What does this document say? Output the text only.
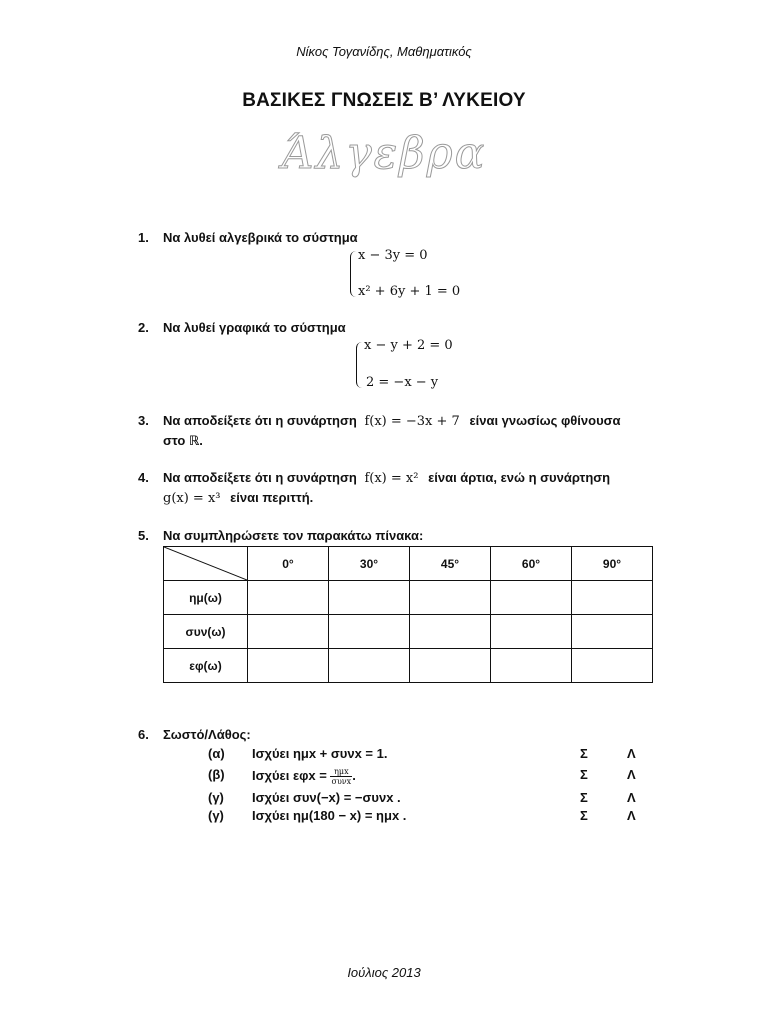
Νίκος Τογανίδης, Μαθηματικός
ΒΑΣΙΚΕΣ ΓΝΩΣΕΙΣ Β’ ΛΥΚΕΙΟΥ
Άλγεβρα
1. Να λυθεί αλγεβρικά το σύστημα
x − 3y = 0
x² + 6y + 1 = 0
2. Να λυθεί γραφικά το σύστημα
x − y + 2 = 0
2 = −x − y
3. Να αποδείξετε ότι η συνάρτηση f(x) = −3x + 7 είναι γνωσίως φθίνουσα
στο ℝ.
4. Να αποδείξετε ότι η συνάρτηση f(x) = x² είναι άρτια, ενώ η συνάρτηση
g(x) = x³ είναι περιττή.
5. Να συμπληρώσετε τον παρακάτω πίνακα:
	0°	30°	45°	60°	90°
ημ(ω)					
συν(ω)					
εφ(ω)					
6. Σωστό/Λάθος:
(α) Ισχύει ημx + συνx = 1.	Σ	Λ
(β) Ισχύει $\varepsilon\varphi x = \frac{\text{ημx}}{\text{συνx}}$ .	Σ	Λ
(γ) Ισχύει συν(−x) = −συνx .	Σ	Λ
(γ) Ισχύει ημ(180 − x) = ημx .	Σ	Λ
Ιούλιος 2013
